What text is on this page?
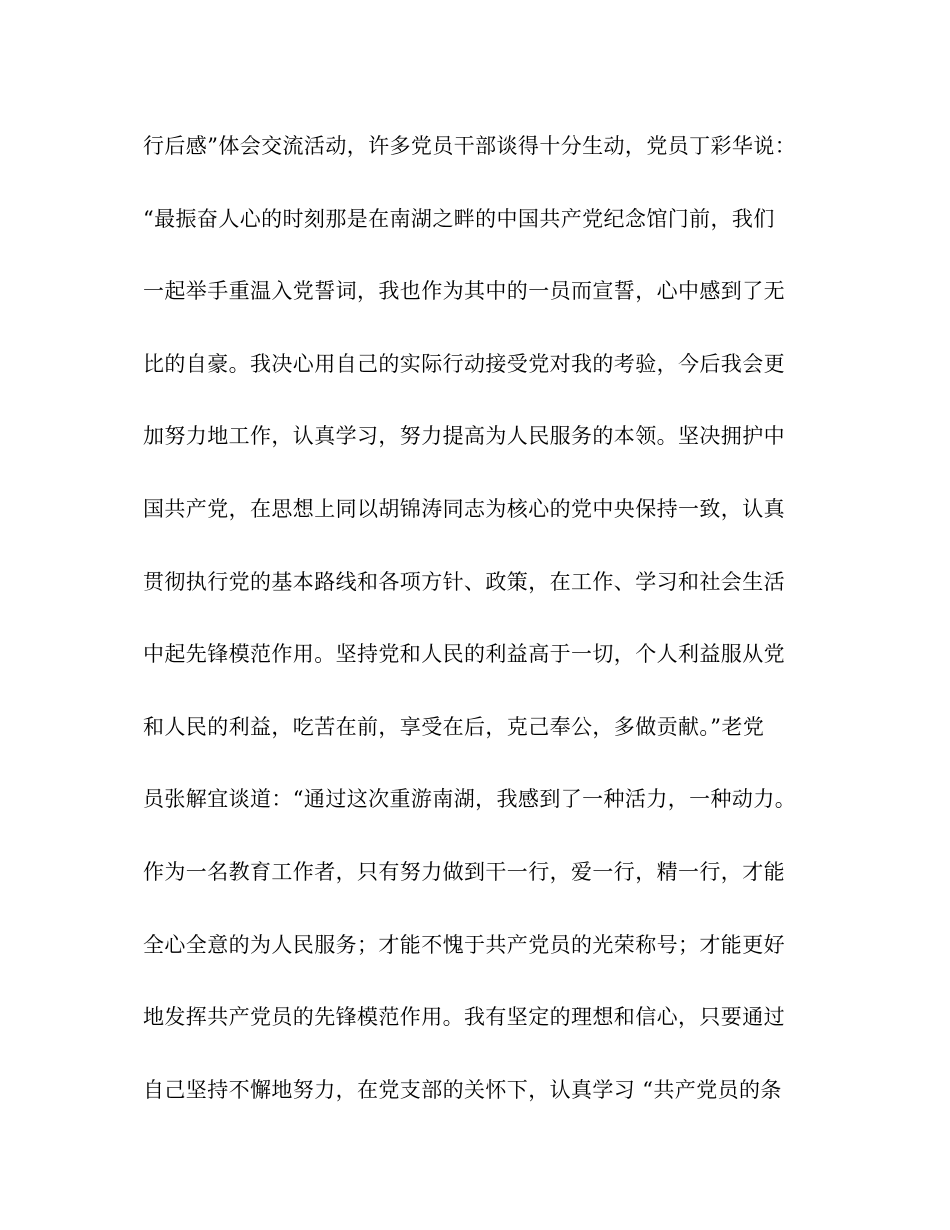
行后感”体会交流活动，许多党员干部谈得十分生动，党员丁彩华说：
“最振奋人心的时刻那是在南湖之畔的中国共产党纪念馆门前，我们
一起举手重温入党誓词，我也作为其中的一员而宣誓，心中感到了无
比的自豪。我决心用自己的实际行动接受党对我的考验，今后我会更
加努力地工作，认真学习，努力提高为人民服务的本领。坚决拥护中
国共产党，在思想上同以胡锦涛同志为核心的党中央保持一致，认真
贯彻执行党的基本路线和各项方针、政策，在工作、学习和社会生活
中起先锋模范作用。坚持党和人民的利益高于一切，个人利益服从党
和人民的利益，吃苦在前，享受在后，克己奉公，多做贡献。”老党
员张解宜谈道：“通过这次重游南湖，我感到了一种活力，一种动力。
作为一名教育工作者，只有努力做到干一行，爱一行，精一行，才能
全心全意的为人民服务；才能不愧于共产党员的光荣称号；才能更好
地发挥共产党员的先锋模范作用。我有坚定的理想和信心，只要通过
自己坚持不懈地努力，在党支部的关怀下，认真学习 “共产党员的条
